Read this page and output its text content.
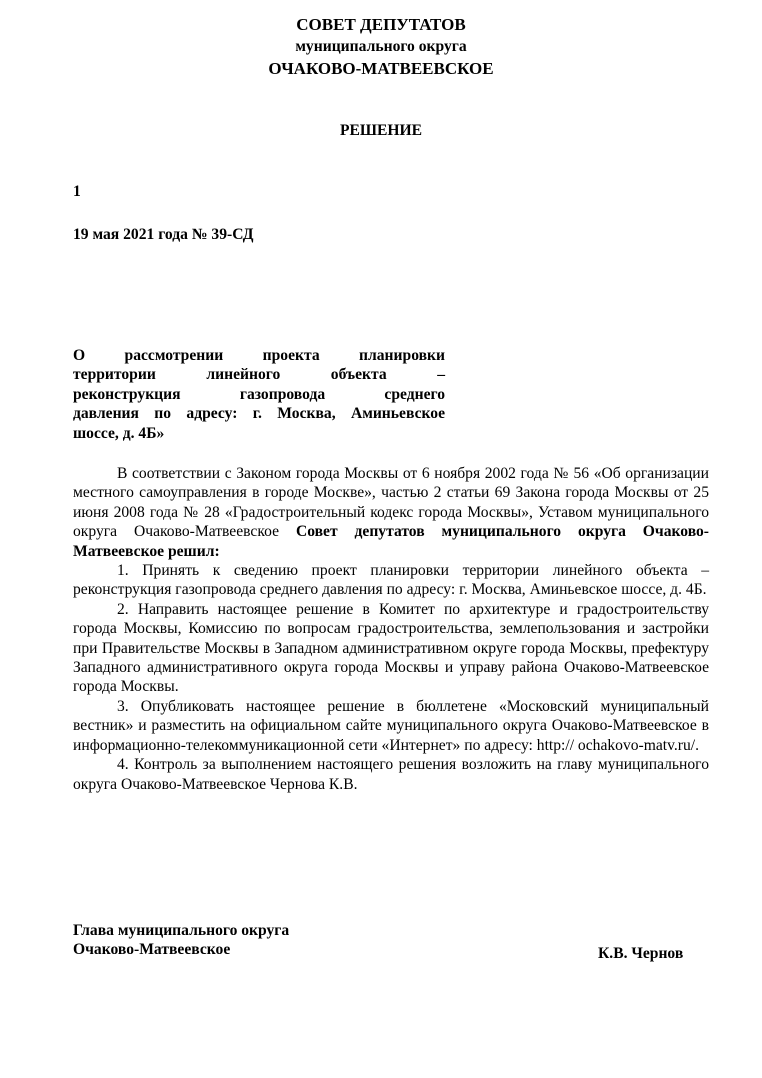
СОВЕТ ДЕПУТАТОВ
муниципального округа
ОЧАКОВО-МАТВЕЕВСКОЕ
РЕШЕНИЕ
1
19 мая 2021 года № 39-СД
О рассмотрении проекта планировки
территории линейного объекта –
реконструкция газопровода среднего
давления по адресу: г. Москва, Аминьевское
шоссе, д. 4Б»

В соответствии с Законом города Москвы от 6 ноября 2002 года № 56 «Об организации местного самоуправления в городе Москве», частью 2 статьи 69 Закона города Москвы от 25 июня 2008 года № 28 «Градостроительный кодекс города Москвы», Уставом муниципального округа Очаково-Матвеевское Совет депутатов муниципального округа Очаково-Матвеевское решил:

1. Принять к сведению проект планировки территории линейного объекта – реконструкция газопровода среднего давления по адресу: г. Москва, Аминьевское шоссе, д. 4Б.

2. Направить настоящее решение в Комитет по архитектуре и градостроительству города Москвы, Комиссию по вопросам градостроительства, землепользования и застройки при Правительстве Москвы в Западном административном округе города Москвы, префектуру Западного административного округа города Москвы и управу района Очаково-Матвеевское города Москвы.

3. Опубликовать настоящее решение в бюллетене «Московский муниципальный вестник» и разместить на официальном сайте муниципального округа Очаково-Матвеевское в информационно-телекоммуникационной сети «Интернет» по адресу: http:// ochakovo-matv.ru/.

4. Контроль за выполнением настоящего решения возложить на главу муниципального округа Очаково-Матвеевское Чернова К.В.

Глава муниципального округа
Очаково-Матвеевское	К.В. Чернов
